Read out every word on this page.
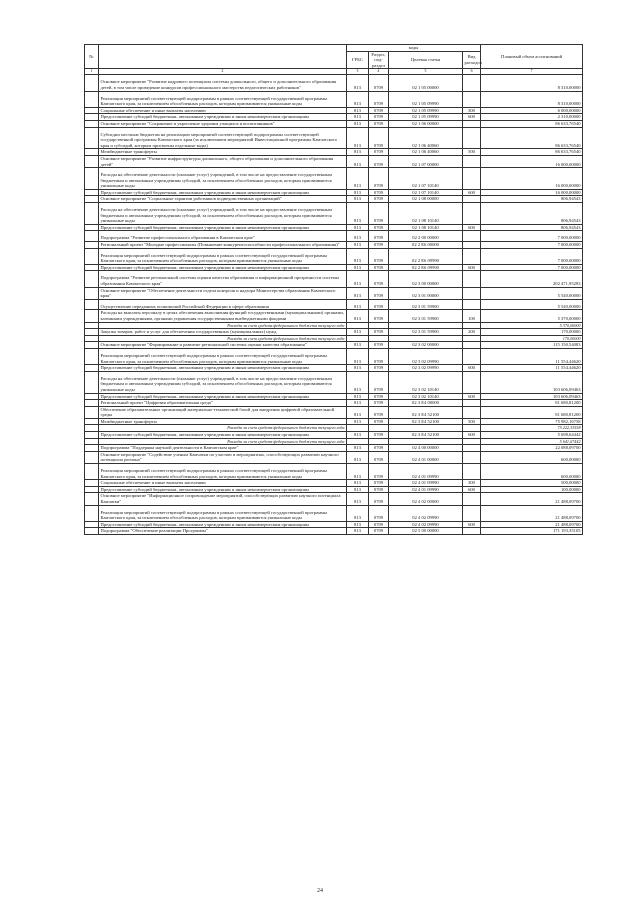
№		коды				Плановый объем ассигнований
		ГРБС	Раздел, под-раздел	Целевая статья	Вид расходов	
1	2	3	4	5	6	7
	Основное мероприятие "Развитие кадрового потенциала системы дошкольного, общего и дополнительного образования детей, в том числе проведение конкурсов профессионального мастерства педагогических работников"	813	0709	02 1 05 00000		8 310,00000
	Реализация мероприятий соответствующей подпрограммы в рамках соответствующей государственной программы Камчатского края, за исключением обособленных расходов, которым присваиваются уникальные коды	813	0709	02 1 05 09990		8 310,00000
	Социальные обеспечение и иные выплаты населению	813	0709	02 1 05 09990	300	6 000,00000
	Предоставление субсидий бюджетным, автономным учреждениям и иным некоммерческим организациям	813	0709	02 1 05 09990	600	2 310,00000
	Основное мероприятие "Сохранение и укрепление здоровья учащихся и воспитанников"	813	0709	02 1 06 00000		86 633,76540
	Субсидии местным бюджетам на реализацию мероприятий соответствующей подпрограммы соответствующей государственной программы Камчатского края (за исключением мероприятий Инвестиционной программы Камчатского края и субсидий, которым присвоены отдельные коды)	813	0709	02 1 06 40060		86 633,76540
	Межбюджетные трансферты	813	0709	02 1 06 40060	500	86 633,76540
	Основное мероприятие "Развитие инфраструктуры дошкольного, общего образования и дополнительного образования детей"	813	0709	02 1 07 00000		16 000,00000
	Расходы на обеспечение деятельности (оказание услуг) учреждений, в том числе на предоставление государственным бюджетным и автономным учреждениям субсидий, за исключением обособленных расходов, которым присваиваются уникальные коды	813	0709	02 1 07 10140		16 000,00000
	Предоставление субсидий бюджетным, автономным учреждениям и иным некоммерческим организациям	813	0709	02 1 07 10140	600	16 000,00000
	Основное мероприятие "Социальные гарантии работников подведомственных организаций"	813	0709	02 1 08 00000		806,94543
	Расходы на обеспечение деятельности (оказание услуг) учреждений, в том числе на предоставление государственным бюджетным и автономным учреждениям субсидий, за исключением обособленных расходов, которым присваиваются уникальные коды	813	0709	02 1 08 10140		806,94543
	Предоставление субсидий бюджетным, автономным учреждениям и иным некоммерческим организациям	813	0709	02 1 08 10140	600	806,94543
	Подпрограмма "Развитие профессионального образования в Камчатском крае"	813	0709	02 2 00 00000		7 000,00000
	Региональный проект "Молодые профессионалы (Повышение конкурентоспособности профессионального образования)"	813	0709	02 2 E6 00000		7 000,00000
	Реализация мероприятий соответствующей подпрограммы в рамках соответствующей государственной программы Камчатского края, за исключением обособленных расходов, которым присваиваются уникальные коды	813	0709	02 2 E6 09990		7 000,00000
	Предоставление субсидий бюджетным, автономным учреждениям и иным некоммерческим организациям	813	0709	02 2 E6 09990	600	7 000,00000
	Подпрограмма "Развитие региональной системы оценки качества образования и информационной прозрачности системы образования Камчатского края"	813	0709	02 3 00 00000		202 471,95283
	Основное мероприятие "Обеспечение деятельности отдела контроля и надзора Министерства образования Камчатского края"	813	0709	02 3 01 00000		5 540,00000
	Осуществление переданных полномочий Российской Федерации в сфере образования	813	0709	02 3 01 59900		5 540,00000
	Расходы на выплаты персоналу в целях обеспечения выполнения функций государственными (муниципальными) органами, казенными учреждениями, органами управления государственными внебюджетными фондами	813	0709	02 3 01 59900	100	5 370,00000
	Расходы за счет средств федерального бюджета текущего года					5 370,00000
	Закупка товаров, работ и услуг для обеспечения государственных (муниципальных) нужд	813	0709	02 3 01 59900	200	170,00000
	Расходы за счет средств федерального бюджета текущего года					170,00000
	Основное мероприятие "Формирование и развитие региональной системы оценки качества образования"	813	0709	02 3 02 00000		115 150,54083
	Реализация мероприятий соответствующей подпрограммы в рамках соответствующей государственной программы Камчатского края, за исключением обособленных расходов, которым присваиваются уникальные коды	813	0709	02 3 02 09990		11 554,44620
	Предоставление субсидий бюджетным, автономным учреждениям и иным некоммерческим организациям	813	0709	02 3 02 09990	600	11 554,44620
	Расходы на обеспечение деятельности (оказание услуг) учреждений, в том числе на предоставление государственным бюджетным и автономным учреждениям субсидий, за исключением обособленных расходов, которым присваиваются уникальные коды	813	0709	02 3 02 10140		103 606,09463
	Предоставление субсидий бюджетным, автономным учреждениям и иным некоммерческим организациям	813	0709	02 3 02 10140	600	103 606,09463
	Региональный проект "Цифровая образовательная среда"	813	0709	02 3 E4 00000		81 680,81200
	Обеспечение образовательных организаций материально-технической базой для внедрения цифровой образовательной среды	813	0709	02 3 E4 52100		81 680,81200
	Межбюджетные трансферты	813	0709	02 3 E4 52100	500	75 982,16758
	Расходы за счет средств федерального бюджета текущего года					75 222,33558
	Предоставление субсидий бюджетным, автономным учреждениям и иным некоммерческим организациям	813	0709	02 3 E4 52100	600	5 698,64442
	Расходы за счет средств федерального бюджета текущего года					5 641,67442
	Подпрограмма "Поддержка научной деятельности в Камчатском крае"	813	0709	02 4 00 00000		22 088,09700
	Основное мероприятие "Содействие ученым Камчатки по участию в мероприятиях, способствующих развитию научного потенциала региона"	813	0709	02 4 01 00000		600,00000
	Реализация мероприятий соответствующей подпрограммы в рамках соответствующей государственной программы Камчатского края, за исключением обособленных расходов, которым присваиваются уникальные коды	813	0709	02 4 01 09990		600,00000
	Социальные обеспечение и иные выплаты населению	813	0709	02 4 01 09990	300	500,00000
	Предоставление субсидий бюджетным, автономным учреждениям и иным некоммерческим организациям	813	0709	02 4 01 09990	600	100,00000
	Основное мероприятие "Информационное сопровождение мероприятий, способствующих развитию научного потенциала Камчатки"	813	0709	02 4 02 00000		21 488,09700
	Реализация мероприятий соответствующей подпрограммы в рамках соответствующей государственной программы Камчатского края, за исключением обособленных расходов, которым присваиваются уникальные коды	813	0709	02 4 02 09990		21 488,09700
	Предоставление субсидий бюджетным, автономным учреждениям и иным некоммерческим организациям	813	0709	02 4 02 09990	600	21 488,09700
	Подпрограмма "Обеспечение реализации Программы"	813	0709	02 5 00 00000		171 193,35105
24
